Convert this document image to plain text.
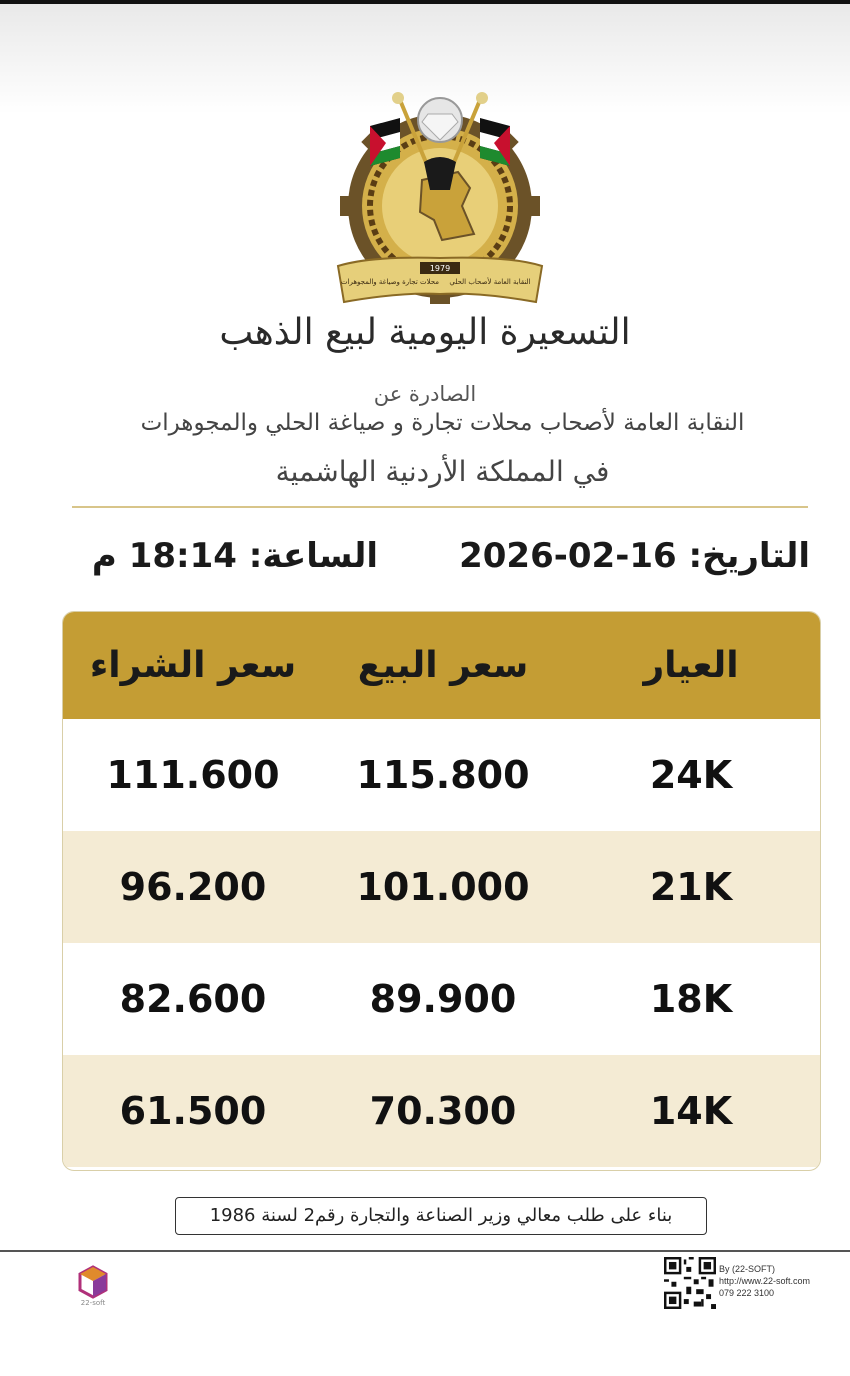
1979
النقابة العامة لأصحاب الحلي
محلات تجارة وصياغة والمجوهرات
التسعيرة اليومية لبيع الذهب
الصادرة عن
النقابة العامة لأصحاب محلات تجارة و صياغة الحلي والمجوهرات
في المملكة الأردنية الهاشمية
التاريخ: 16-02-2026
الساعة: 18:14 م
العيار
سعر البيع
سعر الشراء
24K
115.800
111.600
21K
101.000
96.200
18K
89.900
82.600
14K
70.300
61.500
بناء على طلب معالي وزير الصناعة والتجارة رقم2 لسنة 1986
22-soft
By (22-SOFT)
http://www.22-soft.com
079 222 3100
